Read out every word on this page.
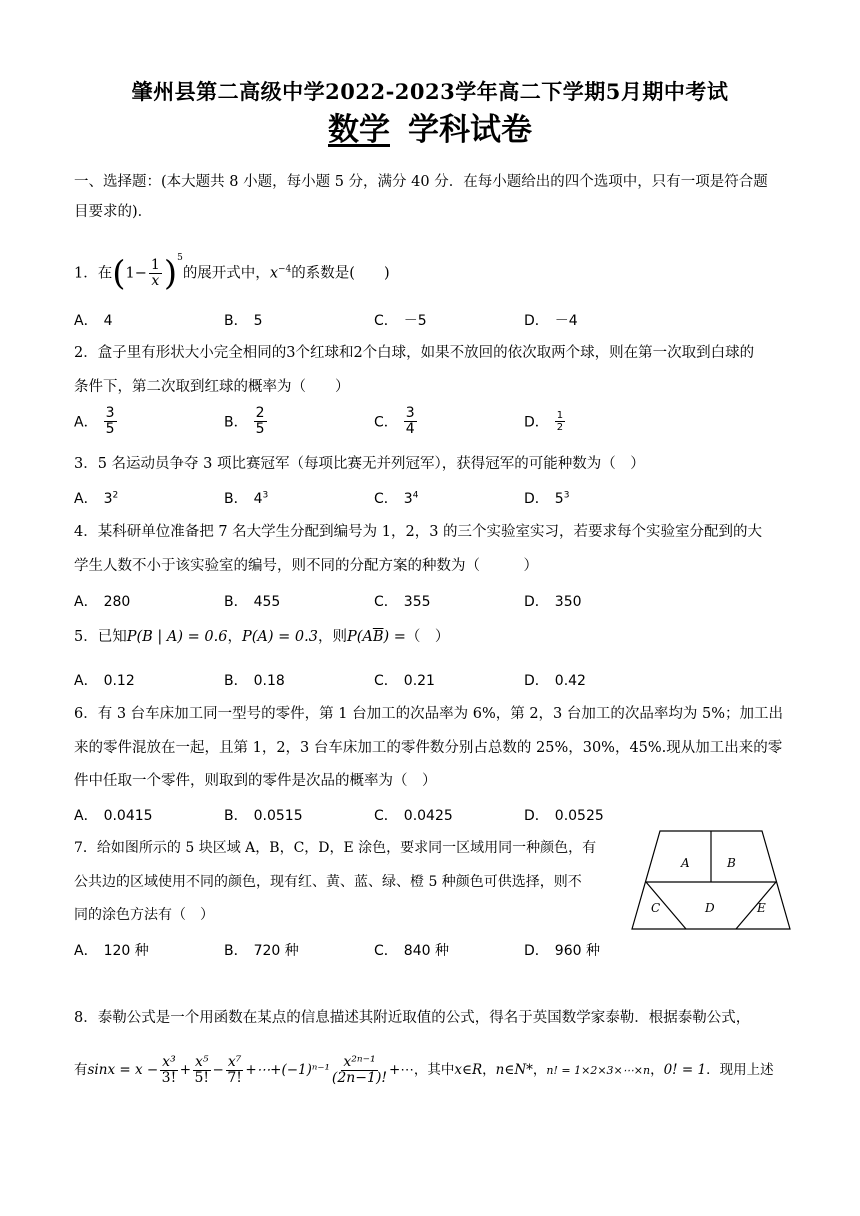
肇州县第二高级中学2022-2023学年高二下学期5月期中考试
数学 学科试卷
一、选择题：(本大题共 8 小题，每小题 5 分，满分 40 分．在每小题给出的四个选项中，只有一项是符合题
目要求的)．
1．在$(1- \frac{1}{x} )^5$的展开式中，$x^{-4}$的系数是(　　)
A． 4	B． 5	C． －5	D． －4
2．盒子里有形状大小完全相同的3个红球和2个白球，如果不放回的依次取两个球，则在第一次取到白球的
条件下，第二次取到红球的概率为（　　）
A． $\frac{3}{5}$	B． $\frac{2}{5}$	C． $\frac{3}{4}$	D． $\frac{1}{2}$
3．5 名运动员争夺 3 项比赛冠军（每项比赛无并列冠军），获得冠军的可能种数为（　）
A． $3^2$	B． $4^3$	C． $3^4$	D． $5^3$
4．某科研单位准备把 7 名大学生分配到编号为 1，2，3 的三个实验室实习，若要求每个实验室分配到的大
学生人数不小于该实验室的编号，则不同的分配方案的种数为（　　　）
A． 280	B． 455	C． 355	D． 350
5．已知P(B | A) = 0.6，P(A) = 0.3，则$P(A\overline{B})$ =（　）
A． 0.12	B． 0.18	C． 0.21	D． 0.42
6．有 3 台车床加工同一型号的零件，第 1 台加工的次品率为 6%，第 2，3 台加工的次品率均为 5%；加工出
来的零件混放在一起，且第 1，2，3 台车床加工的零件数分别占总数的 25%，30%，45%.现从加工出来的零
件中任取一个零件，则取到的零件是次品的概率为（　）
A． 0.0415	B． 0.0515	C． 0.0425	D． 0.0525
7．给如图所示的 5 块区域 A，B，C，D，E 涂色，要求同一区域用同一种颜色，有
公共边的区域使用不同的颜色，现有红、黄、蓝、绿、橙 5 种颜色可供选择，则不
同的涂色方法有（　）
A	B
C	D	E
A． 120 种	B． 720 种	C． 840 种	D． 960 种
8．泰勒公式是一个用函数在某点的信息描述其附近取值的公式，得名于英国数学家泰勒．根据泰勒公式，
有$\sin x = x - \frac{\text{x³}}{3!} + \frac{\text{x⁵}}{5!} - \frac{\text{x⁷}}{7!}$ +⋯+(−1)ⁿ⁻¹ $\frac{\text{x²ⁿ⁻¹}}{(2n-1)!}$ +⋯，其中x∈R，n∈N*，n! = 1×2×3×⋯×n，0! = 1．现用上述
